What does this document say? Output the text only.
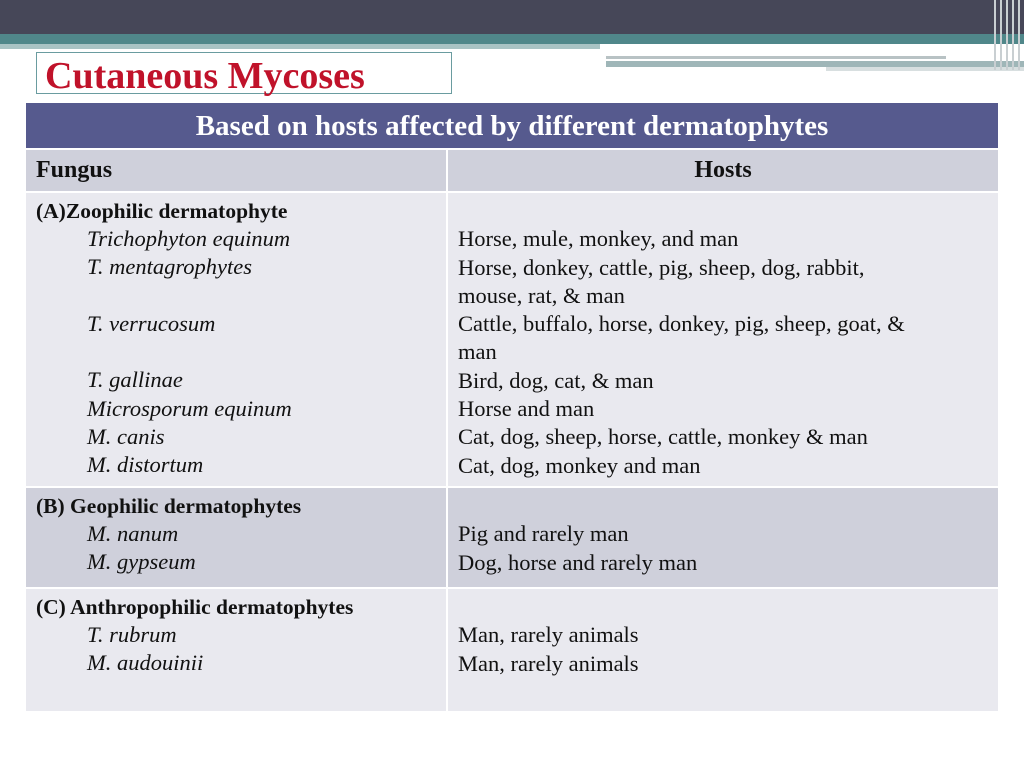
Cutaneous Mycoses
Based on hosts affected by different dermatophytes
Fungus	Hosts
(A)Zoophilic dermatophyte
Trichophyton equinum
T. mentagrophytes
T. verrucosum
T. gallinae
Microsporum equinum
M. canis
M. distortum
Horse, mule, monkey, and man
Horse, donkey, cattle, pig, sheep, dog, rabbit,
mouse, rat, & man
Cattle, buffalo, horse, donkey, pig, sheep, goat, &
man
Bird, dog, cat, & man
Horse and man
Cat, dog, sheep, horse, cattle, monkey & man
Cat, dog, monkey and man
(B) Geophilic dermatophytes
M. nanum
M. gypseum
Pig and rarely man
Dog, horse and rarely man
(C) Anthropophilic dermatophytes
T. rubrum
M. audouinii
Man, rarely animals
Man, rarely animals
